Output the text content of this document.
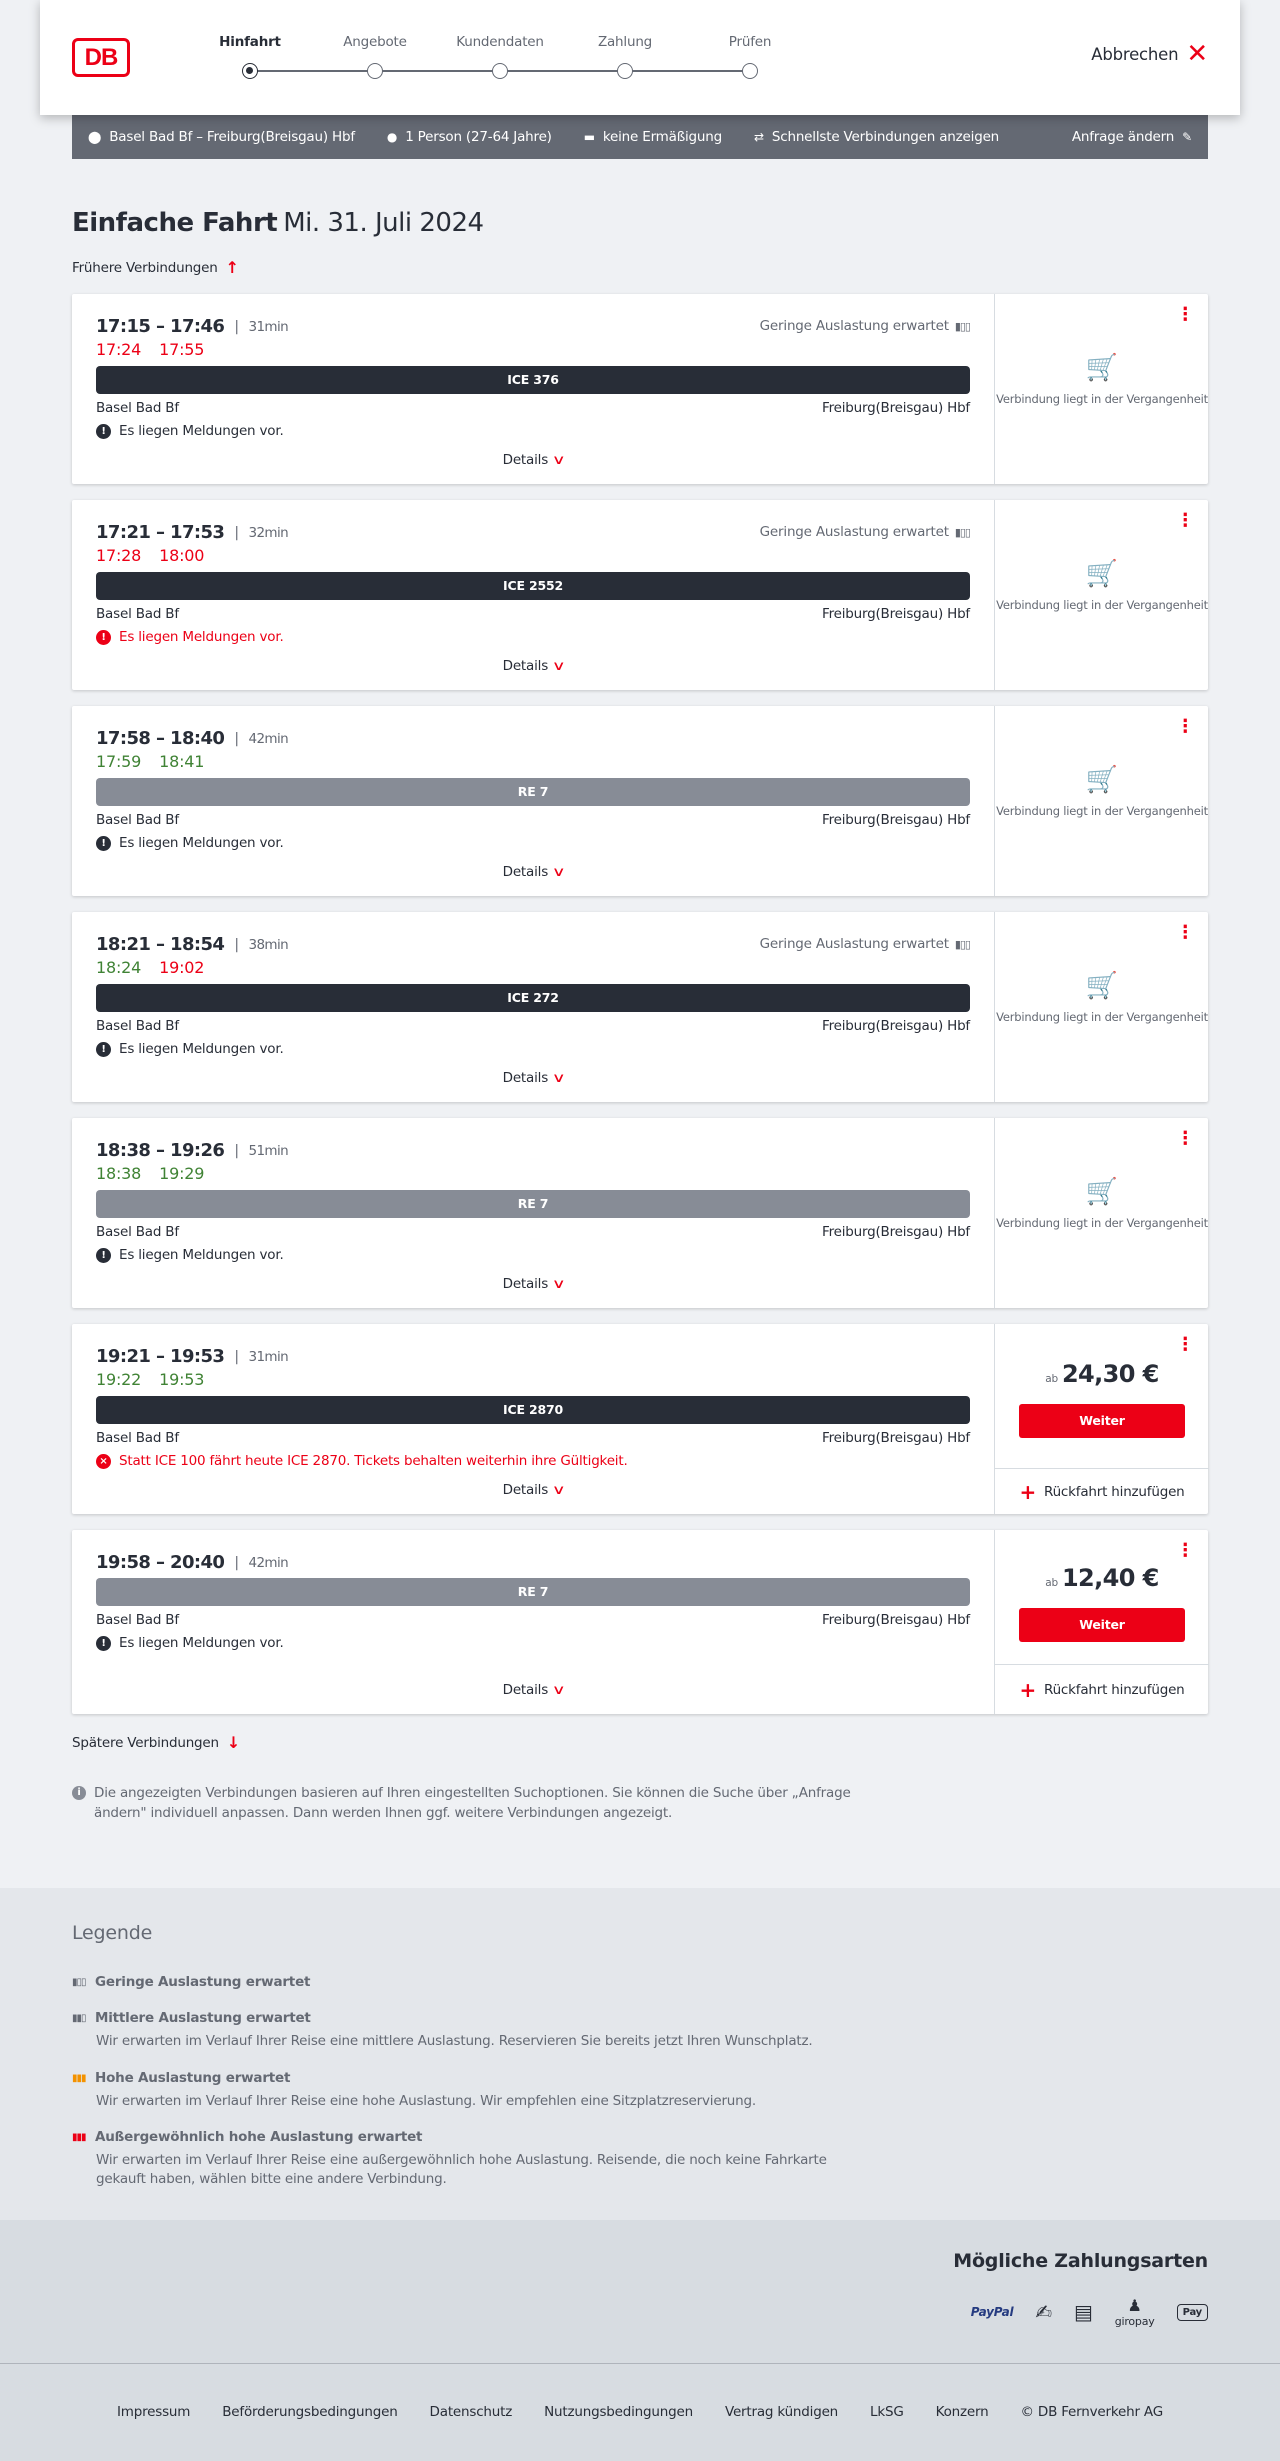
DB
Hinfahrt	Angebote	Kundendaten	Zahlung	Prüfen
Abbrechen ✕
⬤ Basel Bad Bf – Freiburg(Breisgau) Hbf	● 1 Person (27-64 Jahre)	▬ keine Ermäßigung	⇄ Schnellste Verbindungen anzeigen	Anfrage ändern ✎
Einfache Fahrt Mi. 31. Juli 2024
Frühere Verbindungen ↑
17:15 – 17:46 | 31min
17:24 17:55
Geringe Auslastung erwartet ▮▯▯
ICE 376
Basel Bad Bf	Freiburg(Breisgau) Hbf
! Es liegen Meldungen vor.
Details ∨
⋮
🛒
Verbindung liegt in der Vergangenheit
17:21 – 17:53 | 32min
17:28 18:00
Geringe Auslastung erwartet ▮▯▯
ICE 2552
Basel Bad Bf	Freiburg(Breisgau) Hbf
! Es liegen Meldungen vor.
Details ∨
⋮
🛒
Verbindung liegt in der Vergangenheit
17:58 – 18:40 | 42min
17:59 18:41
RE 7
Basel Bad Bf	Freiburg(Breisgau) Hbf
! Es liegen Meldungen vor.
Details ∨
⋮
🛒
Verbindung liegt in der Vergangenheit
18:21 – 18:54 | 38min
18:24 19:02
Geringe Auslastung erwartet ▮▯▯
ICE 272
Basel Bad Bf	Freiburg(Breisgau) Hbf
! Es liegen Meldungen vor.
Details ∨
⋮
🛒
Verbindung liegt in der Vergangenheit
18:38 – 19:26 | 51min
18:38 19:29
RE 7
Basel Bad Bf	Freiburg(Breisgau) Hbf
! Es liegen Meldungen vor.
Details ∨
⋮
🛒
Verbindung liegt in der Vergangenheit
19:21 – 19:53 | 31min
19:22 19:53
ICE 2870
Basel Bad Bf	Freiburg(Breisgau) Hbf
× Statt ICE 100 fährt heute ICE 2870. Tickets behalten weiterhin ihre Gültigkeit.
Details ∨
⋮
ab 24,30 €
Weiter
+ Rückfahrt hinzufügen
19:58 – 20:40 | 42min
RE 7
Basel Bad Bf	Freiburg(Breisgau) Hbf
! Es liegen Meldungen vor.
Details ∨
⋮
ab 12,40 €
Weiter
+ Rückfahrt hinzufügen
Spätere Verbindungen ↓
i Die angezeigten Verbindungen basieren auf Ihren eingestellten Suchoptionen. Sie können die Suche über „Anfrage ändern" individuell anpassen. Dann werden Ihnen ggf. weitere Verbindungen angezeigt.
Legende
▮▯▯ Geringe Auslastung erwartet
▮▮▯ Mittlere Auslastung erwartet
Wir erwarten im Verlauf Ihrer Reise eine mittlere Auslastung. Reservieren Sie bereits jetzt Ihren Wunschplatz.
▮▮▮ Hohe Auslastung erwartet
Wir erwarten im Verlauf Ihrer Reise eine hohe Auslastung. Wir empfehlen eine Sitzplatzreservierung.
▮▮▮ Außergewöhnlich hohe Auslastung erwartet
Wir erwarten im Verlauf Ihrer Reise eine außergewöhnlich hohe Auslastung. Reisende, die noch keine Fahrkarte gekauft haben, wählen bitte eine andere Verbindung.
Mögliche Zahlungsarten
PayPal ✍ ▤	♟
giropay
Pay
Impressum Beförderungsbedingungen Datenschutz Nutzungsbedingungen Vertrag kündigen LkSG Konzern © DB Fernverkehr AG
